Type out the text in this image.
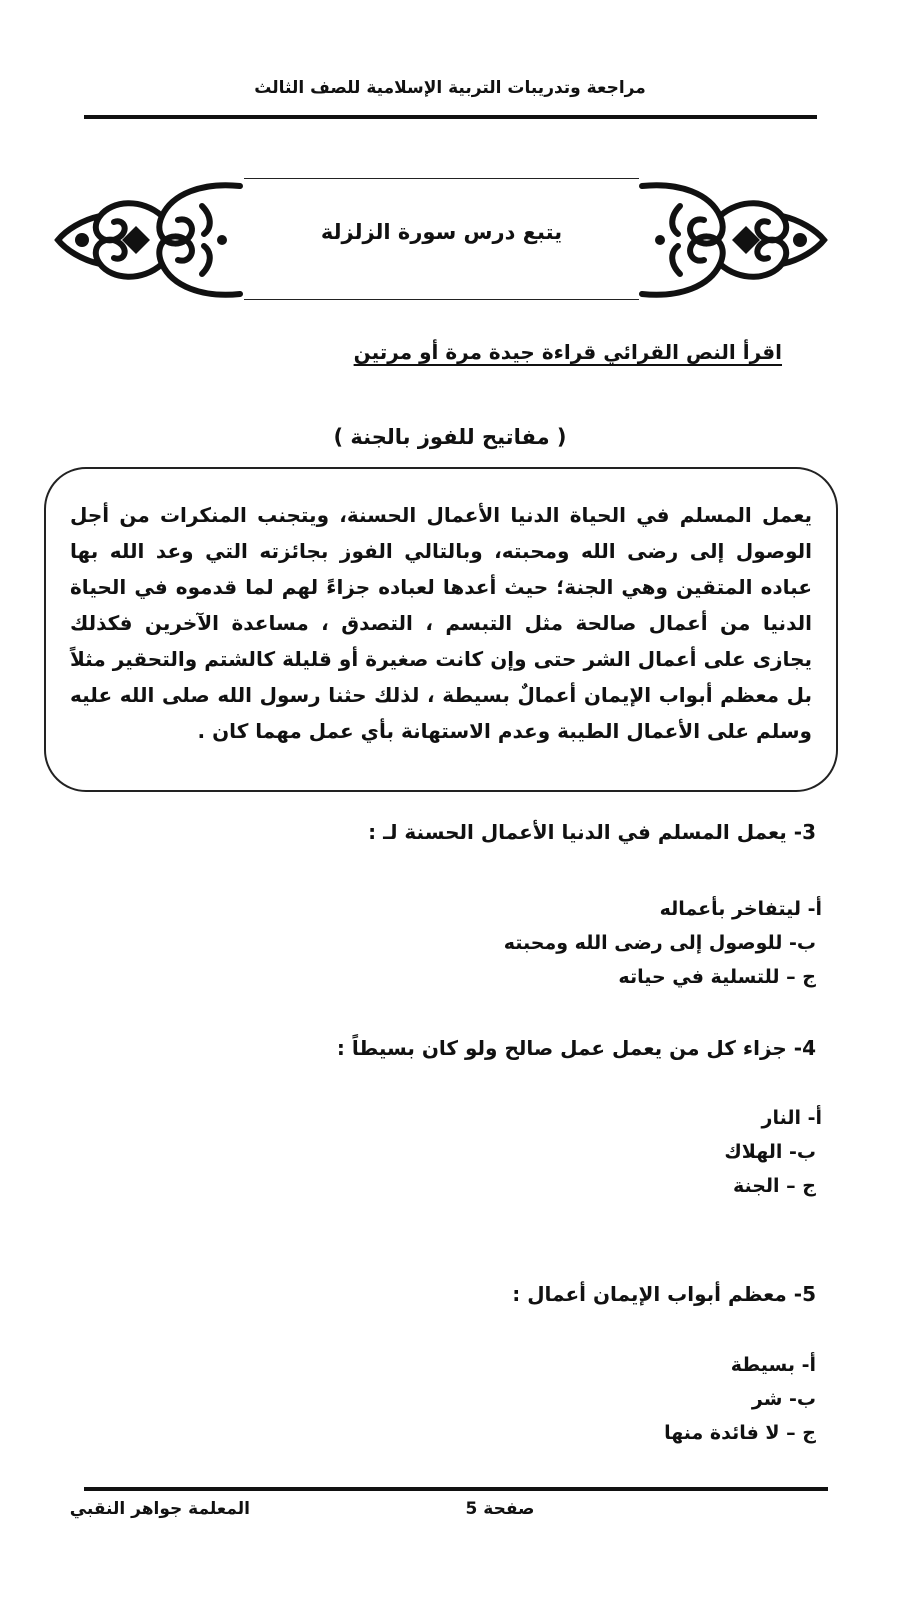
مراجعة وتدريبات التربية الإسلامية للصف الثالث
يتبع درس سورة الزلزلة
اقرأ النص القرائي قراءة جيدة مرة أو مرتين
( مفاتيح للفوز بالجنة )
يعمل المسلم في الحياة الدنيا الأعمال الحسنة، ويتجنب المنكرات من أجل الوصول إلى رضى الله ومحبته، وبالتالي الفوز بجائزته التي وعد الله بها عباده المتقين وهي الجنة؛ حيث أعدها لعباده جزاءً لهم لما قدموه في الحياة الدنيا من أعمال صالحة مثل التبسم ، التصدق ، مساعدة الآخرين فكذلك يجازى على أعمال الشر حتى وإن كانت صغيرة أو قليلة كالشتم والتحقير مثلاً بل معظم أبواب الإيمان أعمالٌ بسيطة ، لذلك حثنا رسول الله صلى الله عليه وسلم على الأعمال الطيبة وعدم الاستهانة بأي عمل مهما كان .
3- يعمل المسلم في الدنيا الأعمال الحسنة لـ :
أ- ليتفاخر بأعماله
ب- للوصول إلى رضى الله ومحبته
ج – للتسلية في حياته
4- جزاء كل من يعمل عمل صالح ولو كان بسيطاً :
أ- النار
ب- الهلاك
ج – الجنة
5- معظم أبواب الإيمان أعمال :
أ- بسيطة
ب- شر
ج – لا فائدة منها
صفحة 5
المعلمة جواهر النقبي
